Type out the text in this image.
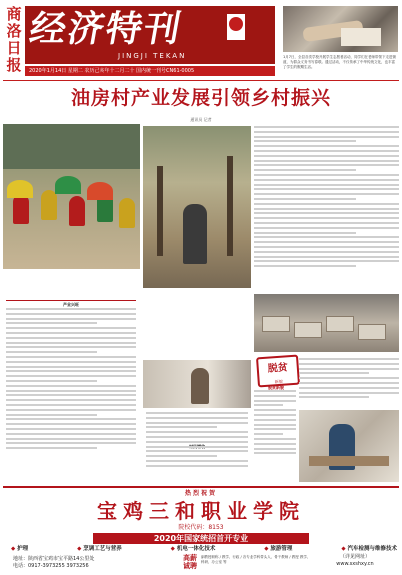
商洛日报
经济特刊
JINGJI TEKAN
2020年1月14日 星期二 农历己亥年十二月二十 国内统一刊号CN61-0005
1月7日，全县各类学校开展学生志愿者活动，同学们在老师带领下走进街道，为群众义务书写春联。通过活动，不仅传承了中华传统文化，也丰富了学生的假期生活。
油房村产业发展引领乡村振兴
通讯员 记者
产业兴旺
脱贫
新貌
脱贫新貌
热烈祝贺
宝鸡三和职业学院
院校代码：8153
2020年国家统招首开专业
◆ 护理	◆ 烹调工艺与营养	◆ 机电一体化技术	◆ 旅游管理	◆ 汽车检测与维修技术
地址：陕西省宝鸡市宝平路14公里处
电话：0917-3973255 3973256
高薪诚聘
副教授职称 / 教学、行政 / 各专业学科带头人、骨干教师 / 教授 教学、科研、办公室 等
（详见网址）
www.sxshxy.cn
